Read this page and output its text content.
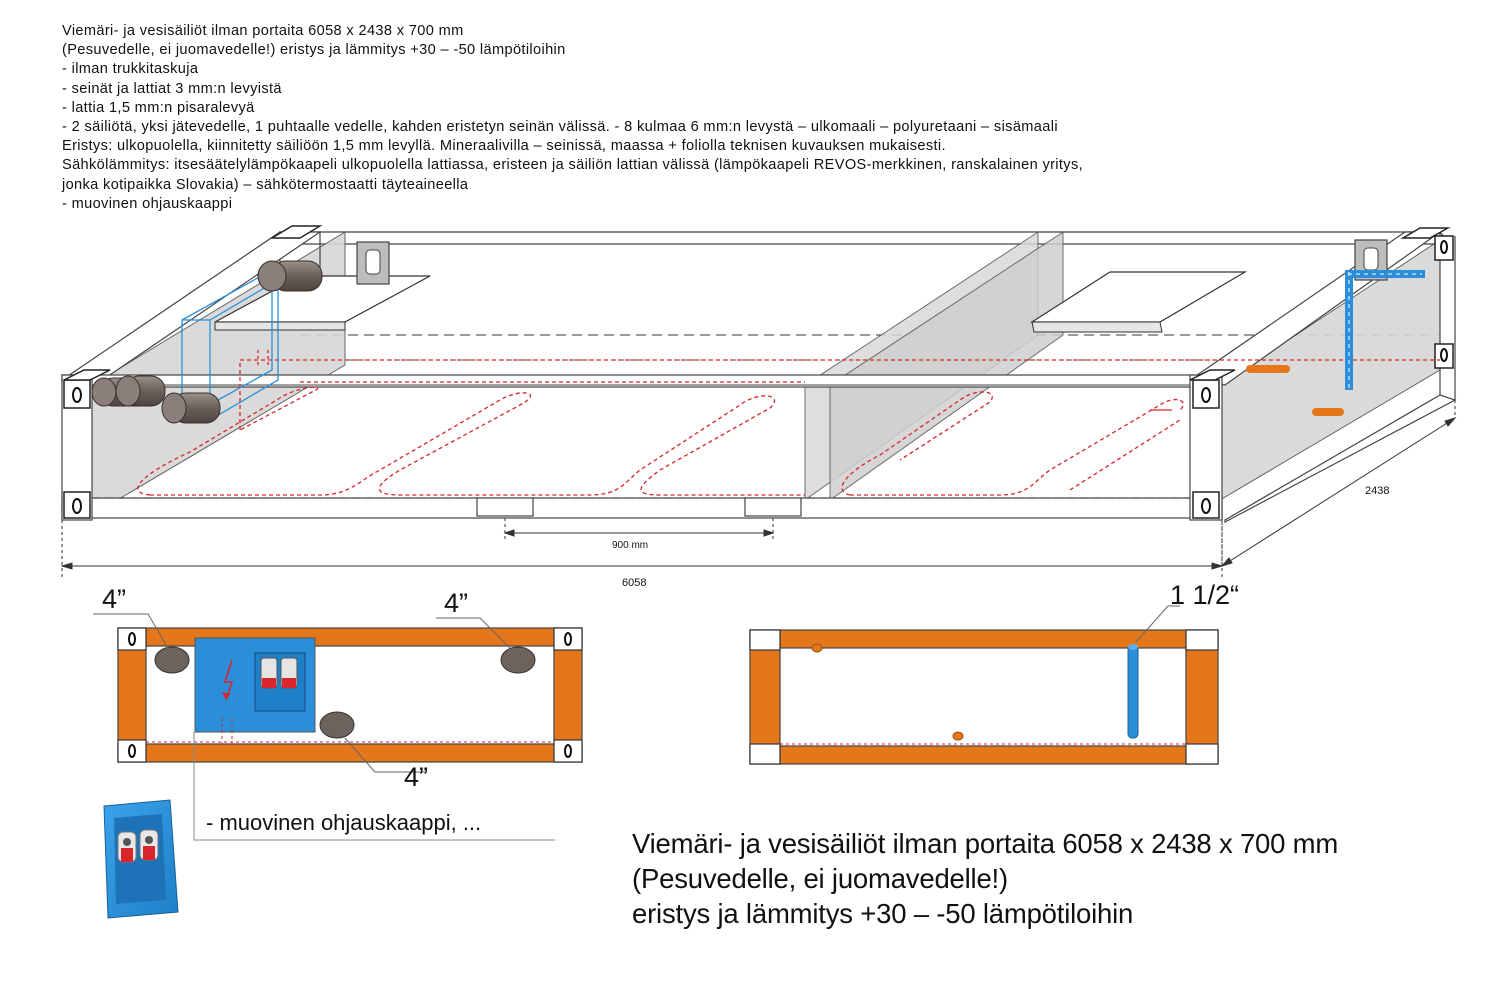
Viemäri- ja vesisäiliöt ilman portaita 6058 x 2438 x 700 mm
(Pesuvedelle, ei juomavedelle!) eristys ja lämmitys +30 – -50 lämpötiloihin
- ilman trukkitaskuja
- seinät ja lattiat 3 mm:n levyistä
- lattia 1,5 mm:n pisaralevyä
- 2 säiliötä, yksi jätevedelle, 1 puhtaalle vedelle, kahden eristetyn seinän välissä. - 8 kulmaa 6 mm:n levystä – ulkomaali – polyuretaani – sisämaali
Eristys: ulkopuolella, kiinnitetty säiliöön 1,5 mm levyllä. Mineraalivilla – seinissä, maassa + foliolla teknisen kuvauksen mukaisesti.
Sähkölämmitys: itsesäätelylämpökaapeli ulkopuolella lattiassa, eristeen ja säiliön lattian välissä (lämpökaapeli REVOS-merkkinen, ranskalainen yritys,
jonka kotipaikka Slovakia) – sähkötermostaatti täyteaineella
- muovinen ohjauskaappi
6058
2438
900 mm
4”	4”
4”
- muovinen ohjauskaappi, ...
1 1/2“
Viemäri- ja vesisäiliöt ilman portaita 6058 x 2438 x 700 mm
(Pesuvedelle, ei juomavedelle!)
eristys ja lämmitys +30 – -50 lämpötiloihin
